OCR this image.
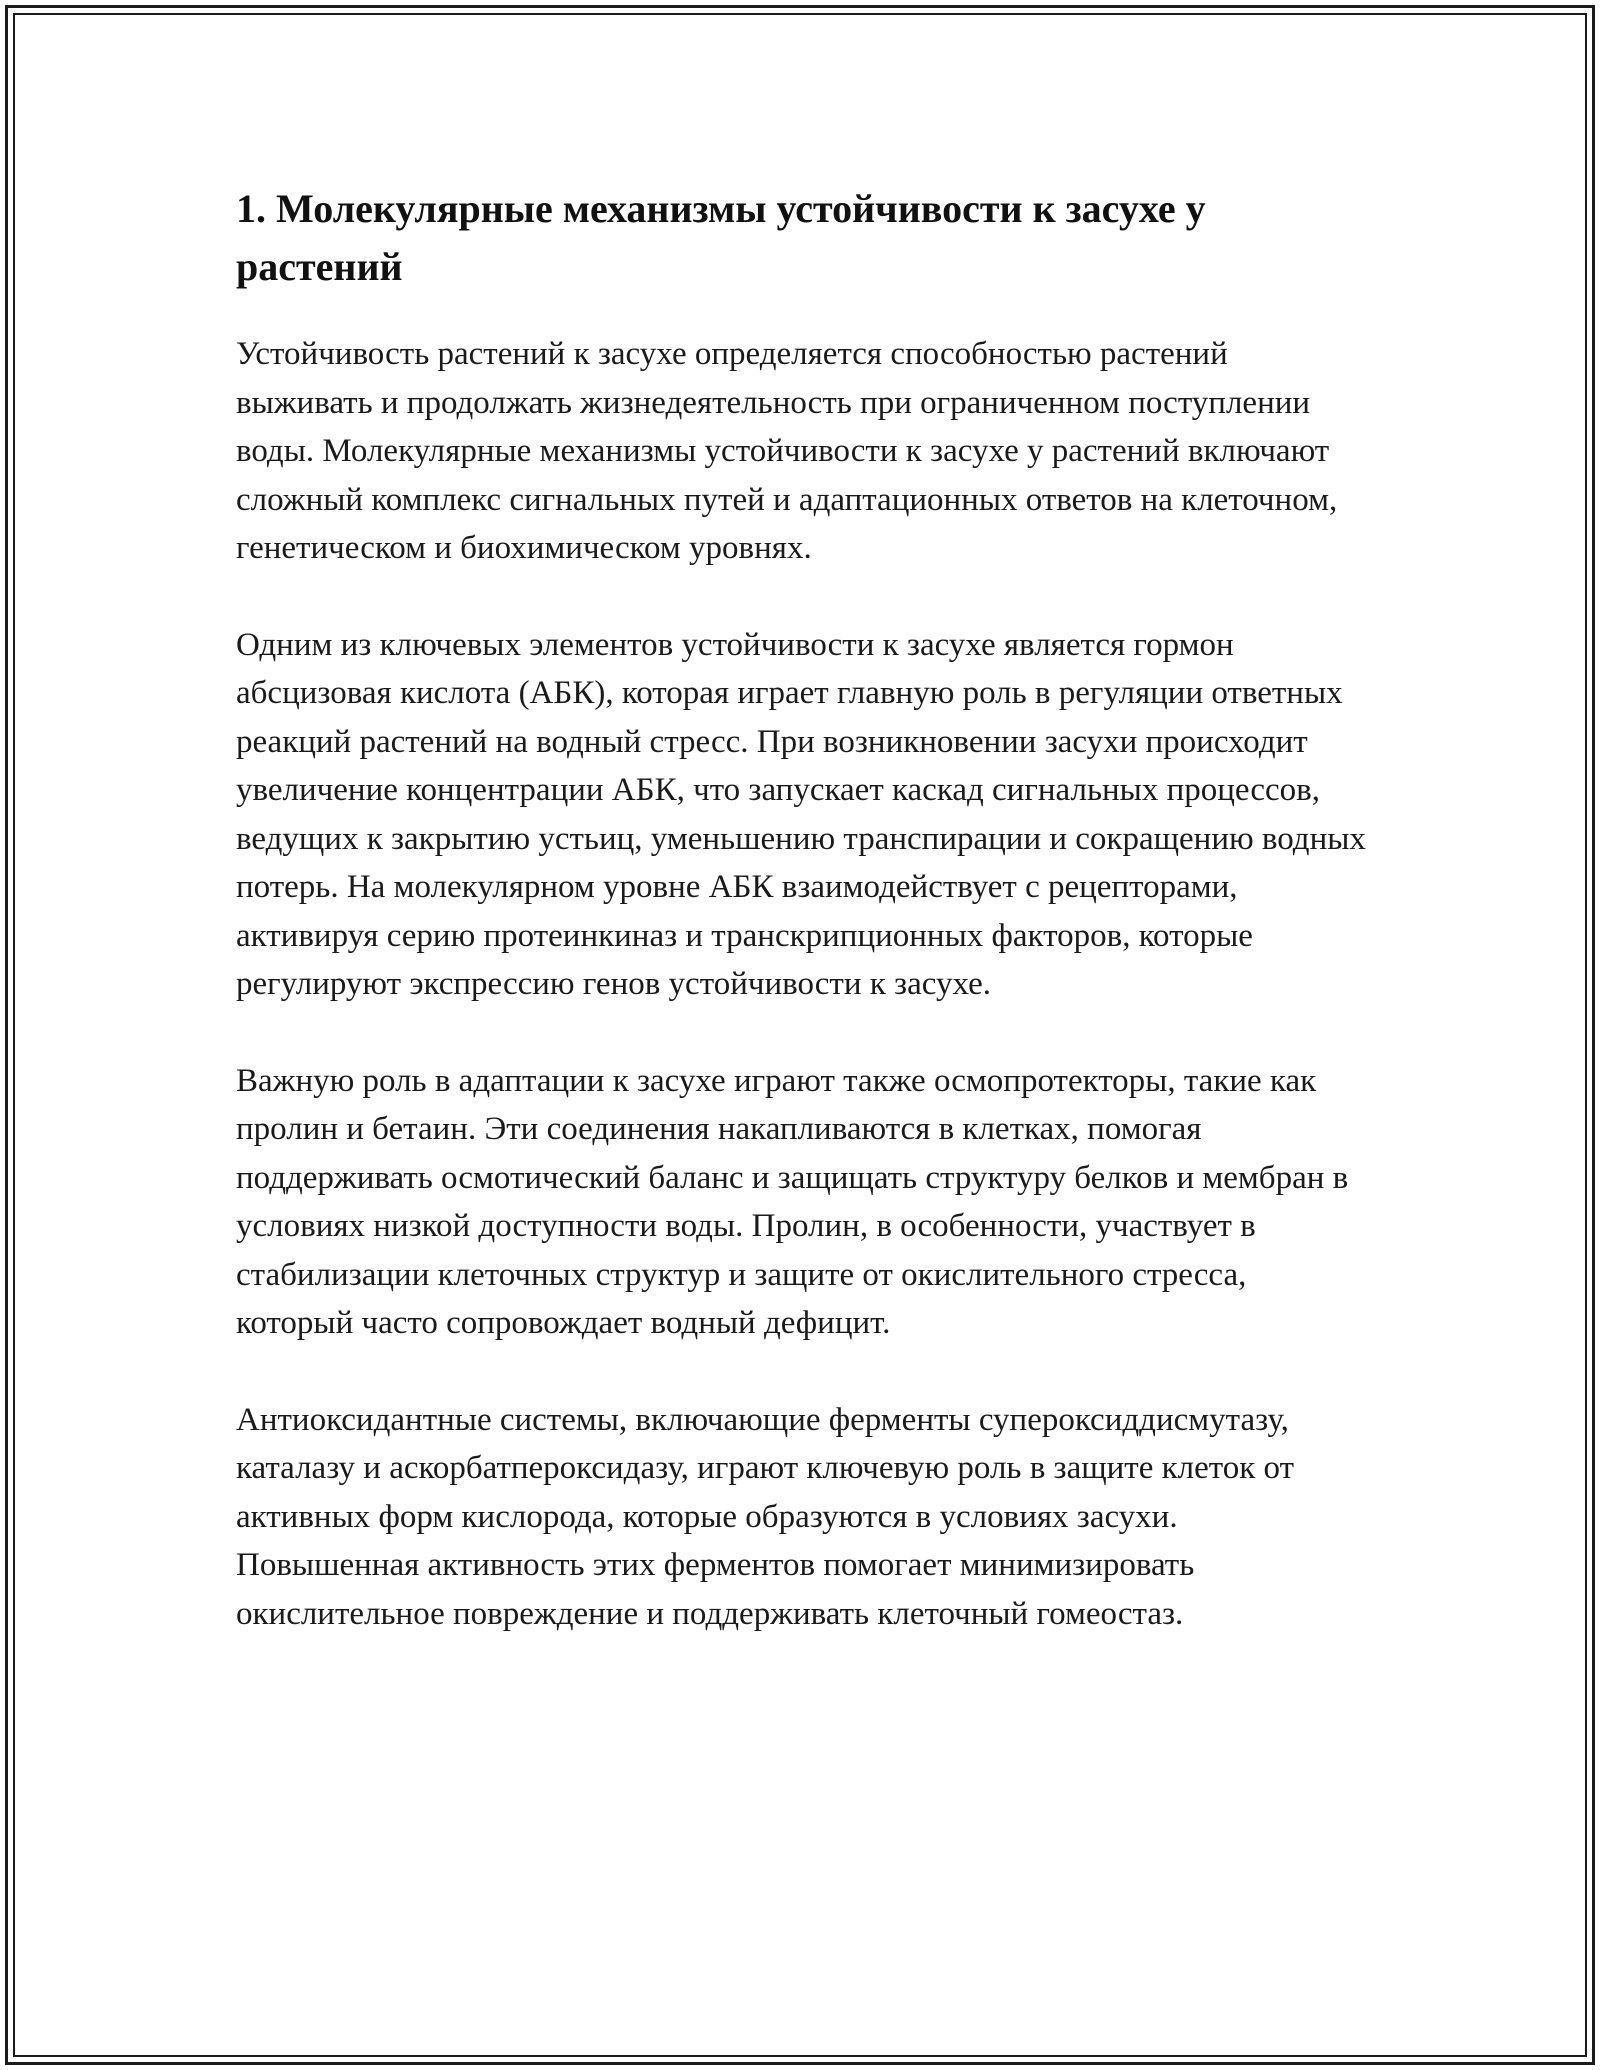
1. Молекулярные механизмы устойчивости к засухе у растений

Устойчивость растений к засухе определяется способностью растений выживать и продолжать жизнедеятельность при ограниченном поступлении воды. Молекулярные механизмы устойчивости к засухе у растений включают сложный комплекс сигнальных путей и адаптационных ответов на клеточном, генетическом и биохимическом уровнях.

Одним из ключевых элементов устойчивости к засухе является гормон абсцизовая кислота (АБК), которая играет главную роль в регуляции ответных реакций растений на водный стресс. При возникновении засухи происходит увеличение концентрации АБК, что запускает каскад сигнальных процессов, ведущих к закрытию устьиц, уменьшению транспирации и сокращению водных потерь. На молекулярном уровне АБК взаимодействует с рецепторами, активируя серию протеинкиназ и транскрипционных факторов, которые регулируют экспрессию генов устойчивости к засухе.

Важную роль в адаптации к засухе играют также осмопротекторы, такие как пролин и бетаин. Эти соединения накапливаются в клетках, помогая поддерживать осмотический баланс и защищать структуру белков и мембран в условиях низкой доступности воды. Пролин, в особенности, участвует в стабилизации клеточных структур и защите от окислительного стресса, который часто сопровождает водный дефицит.

Антиоксидантные системы, включающие ферменты супероксиддисмутазу, каталазу и аскорбатпероксидазу, играют ключевую роль в защите клеток от активных форм кислорода, которые образуются в условиях засухи. Повышенная активность этих ферментов помогает минимизировать окислительное повреждение и поддерживать клеточный гомеостаз.
